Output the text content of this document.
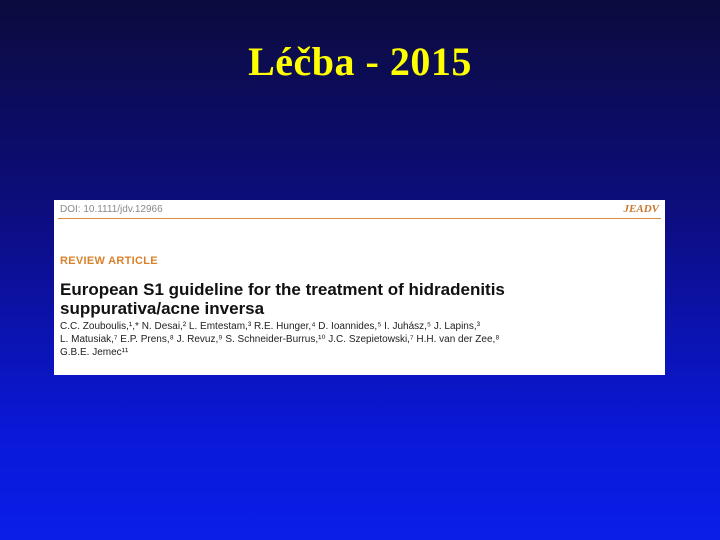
Léčba - 2015
DOI: 10.1111/jdv.12966	JEADV
REVIEW ARTICLE
European S1 guideline for the treatment of hidradenitis suppurativa/acne inversa
C.C. Zouboulis,¹,* N. Desai,² L. Emtestam,³ R.E. Hunger,⁴ D. Ioannides,⁵ I. Juhász,⁵ J. Lapins,³
L. Matusiak,⁷ E.P. Prens,⁸ J. Revuz,⁹ S. Schneider-Burrus,¹⁰ J.C. Szepietowski,⁷ H.H. van der Zee,⁸
G.B.E. Jemec¹¹
